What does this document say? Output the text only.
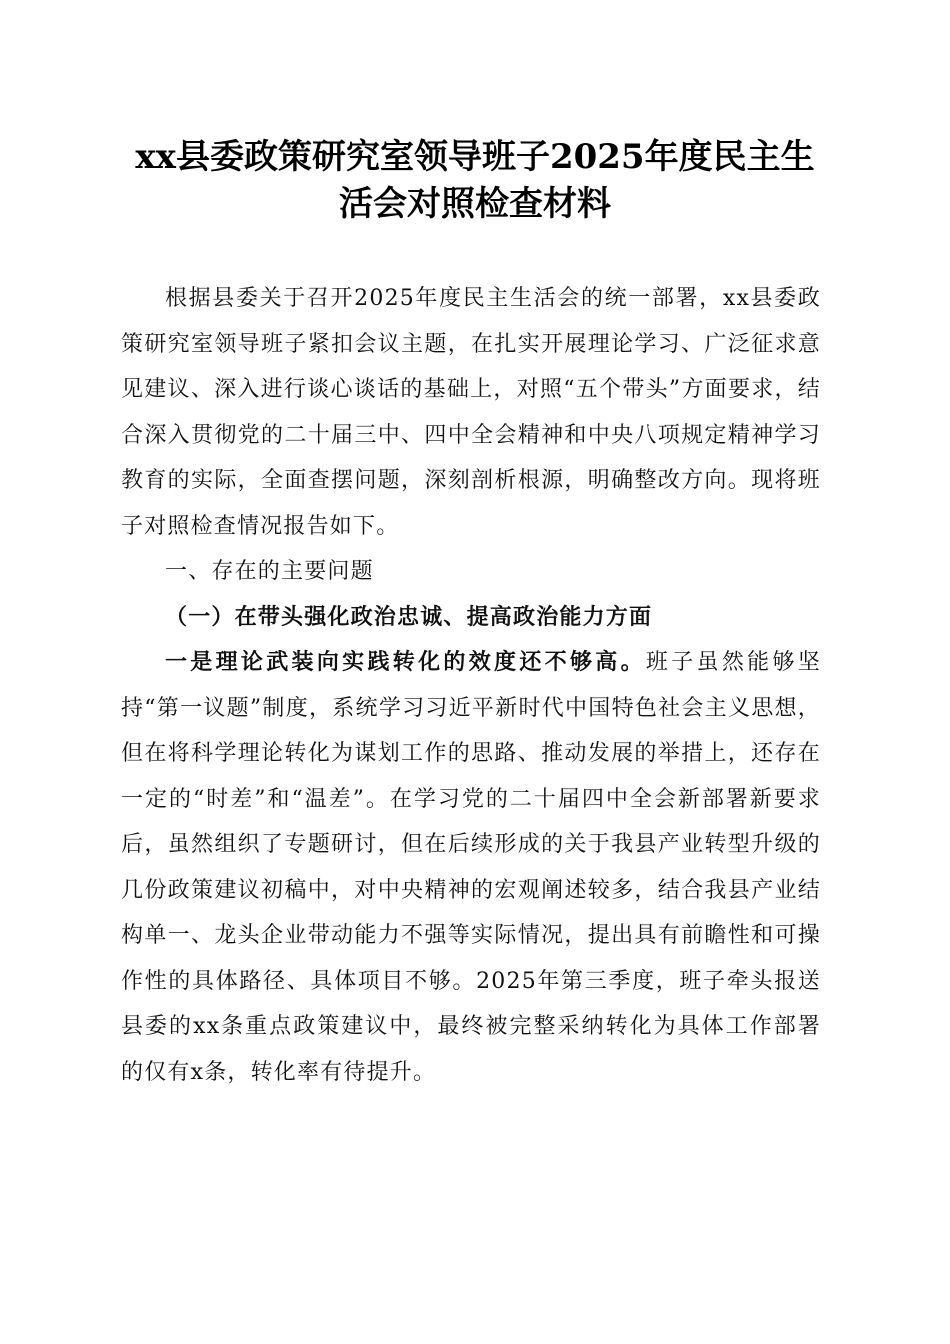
xx县委政策研究室领导班子2025年度民主生
活会对照检查材料

根据县委关于召开2025年度民主生活会的统一部署，xx县委政策研究室领导班子紧扣会议主题，在扎实开展理论学习、广泛征求意见建议、深入进行谈心谈话的基础上，对照“五个带头”方面要求，结合深入贯彻党的二十届三中、四中全会精神和中央八项规定精神学习教育的实际，全面查摆问题，深刻剖析根源，明确整改方向。现将班子对照检查情况报告如下。

一、存在的主要问题

（一）在带头强化政治忠诚、提高政治能力方面

一是理论武装向实践转化的效度还不够高。班子虽然能够坚持“第一议题”制度，系统学习习近平新时代中国特色社会主义思想，但在将科学理论转化为谋划工作的思路、推动发展的举措上，还存在一定的“时差”和“温差”。在学习党的二十届四中全会新部署新要求后，虽然组织了专题研讨，但在后续形成的关于我县产业转型升级的几份政策建议初稿中，对中央精神的宏观阐述较多，结合我县产业结构单一、龙头企业带动能力不强等实际情况，提出具有前瞻性和可操作性的具体路径、具体项目不够。2025年第三季度，班子牵头报送县委的xx条重点政策建议中，最终被完整采纳转化为具体工作部署的仅有x条，转化率有待提升。
